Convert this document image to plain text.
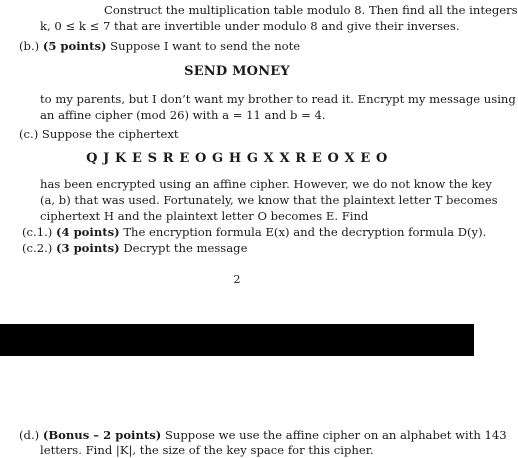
Construct the multiplication table modulo 8. Then find all the integers
k, 0 ≤ k ≤ 7 that are invertible under modulo 8 and give their inverses.
(b.) (5 points) Suppose I want to send the note
SEND MONEY
to my parents, but I don’t want my brother to read it. Encrypt my message using
an affine cipher (mod 26) with a = 11 and b = 4.
(c.) Suppose the ciphertext
Q J K E S R E O G H G X X R E O X E O
has been encrypted using an affine cipher. However, we do not know the key
(a, b) that was used. Fortunately, we know that the plaintext letter T becomes
ciphertext H and the plaintext letter O becomes E. Find
(c.1.) (4 points) The encryption formula E(x) and the decryption formula D(y).
(c.2.) (3 points) Decrypt the message
2
(d.) (Bonus – 2 points) Suppose we use the affine cipher on an alphabet with 143
letters. Find |K|, the size of the key space for this cipher.
